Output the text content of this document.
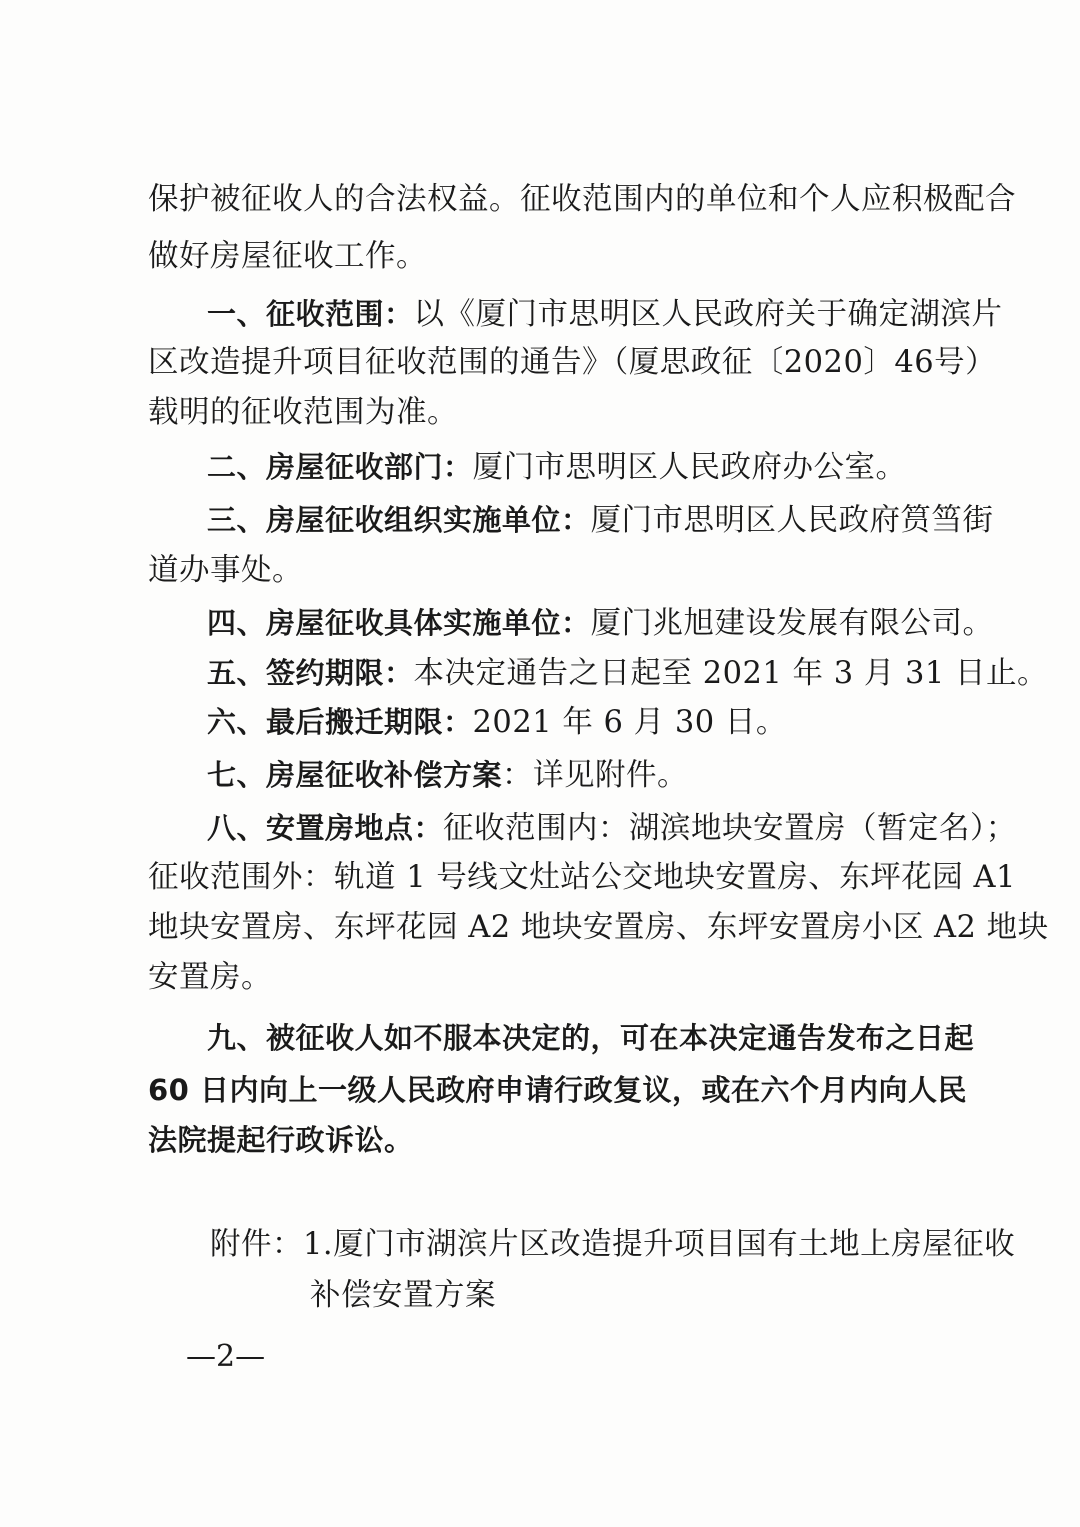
保护被征收人的合法权益。征收范围内的单位和个人应积极配合
做好房屋征收工作。
一、征收范围：以《厦门市思明区人民政府关于确定湖滨片
区改造提升项目征收范围的通告》（厦思政征〔2020〕46号）
载明的征收范围为准。
二、房屋征收部门：厦门市思明区人民政府办公室。
三、房屋征收组织实施单位：厦门市思明区人民政府筼筜街
道办事处。
四、房屋征收具体实施单位：厦门兆旭建设发展有限公司。
五、签约期限：本决定通告之日起至 2021 年 3 月 31 日止。
六、最后搬迁期限：2021 年 6 月 30 日。
七、房屋征收补偿方案：详见附件。
八、安置房地点：征收范围内：湖滨地块安置房（暂定名）；
征收范围外：轨道 1 号线文灶站公交地块安置房、东坪花园 A1
地块安置房、东坪花园 A2 地块安置房、东坪安置房小区 A2 地块
安置房。
九、被征收人如不服本决定的，可在本决定通告发布之日起
60 日内向上一级人民政府申请行政复议，或在六个月内向人民
法院提起行政诉讼。
附件：1.厦门市湖滨片区改造提升项目国有土地上房屋征收
补偿安置方案
—2—
